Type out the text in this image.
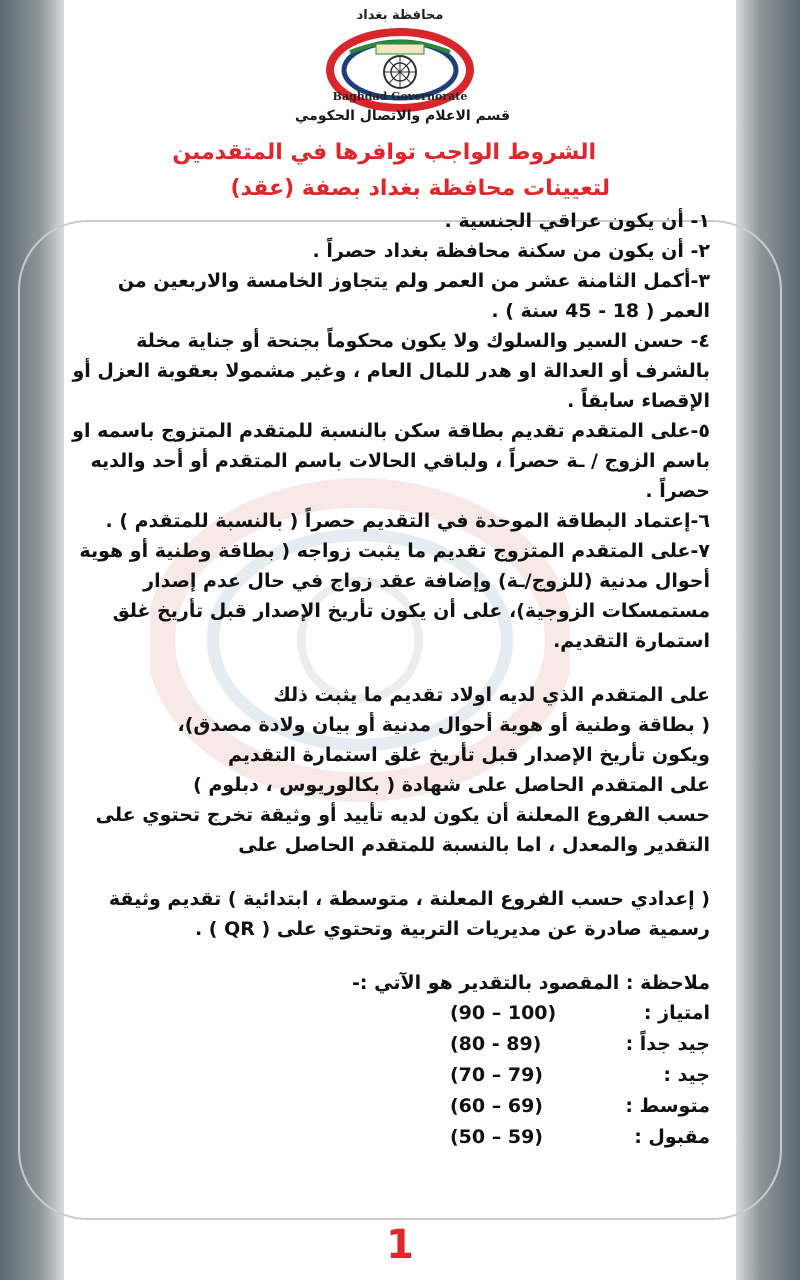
محافظة بغداد
Baghdad Governorate
قسم الاعلام والاتصال الحكومي
الشروط الواجب توافرها في المتقدمين
لتعيينات محافظة بغداد بصفة (عقد)

١- أن يكون عراقي الجنسية .

٢- أن يكون من سكنة محافظة بغداد حصراً .

٣-أكمل الثامنة عشر من العمر ولم يتجاوز الخامسة والاربعين من العمر ( 18 - 45 سنة ) .

٤- حسن السير والسلوك ولا يكون محكوماً بجنحة أو جناية مخلة بالشرف أو العدالة او هدر للمال العام ، وغير مشمولا بعقوبة العزل أو الإقصاء سابقاً .

٥-على المتقدم تقديم بطاقة سكن بالنسبة للمتقدم المتزوج باسمه او باسم الزوج / ـة حصراً ، ولباقي الحالات باسم المتقدم أو أحد والديه حصراً .

٦-إعتماد البطاقة الموحدة في التقديم حصراً ( بالنسبة للمتقدم ) .

٧-على المتقدم المتزوج تقديم ما يثبت زواجه ( بطاقة وطنية أو هوية أحوال مدنية (للزوج/ـة) وإضافة عقد زواج في حال عدم إصدار مستمسكات الزوجية)، على أن يكون تأريخ الإصدار قبل تأريخ غلق استمارة التقديم.

على المتقدم الذي لديه اولاد تقديم ما يثبت ذلك

( بطاقة وطنية أو هوية أحوال مدنية أو بيان ولادة مصدق)،

ويكون تأريخ الإصدار قبل تأريخ غلق استمارة التقديم

على المتقدم الحاصل على شهادة ( بكالوريوس ، دبلوم )

حسب الفروع المعلنة أن يكون لديه تأييد أو وثيقة تخرج تحتوي على التقدير والمعدل ، اما بالنسبة للمتقدم الحاصل على

( إعدادي حسب الفروع المعلنة ، متوسطة ، ابتدائية ) تقديم وثيقة رسمية صادرة عن مديريات التربية وتحتوي على ( QR ) .

ملاحظة : المقصود بالتقدير هو الآتي :-

امتياز :
(90 – 100)
جيد جداً :
(80 - 89)
جيد :
(70 – 79)
متوسط :
(60 – 69)
مقبول :
(50 – 59)
1
